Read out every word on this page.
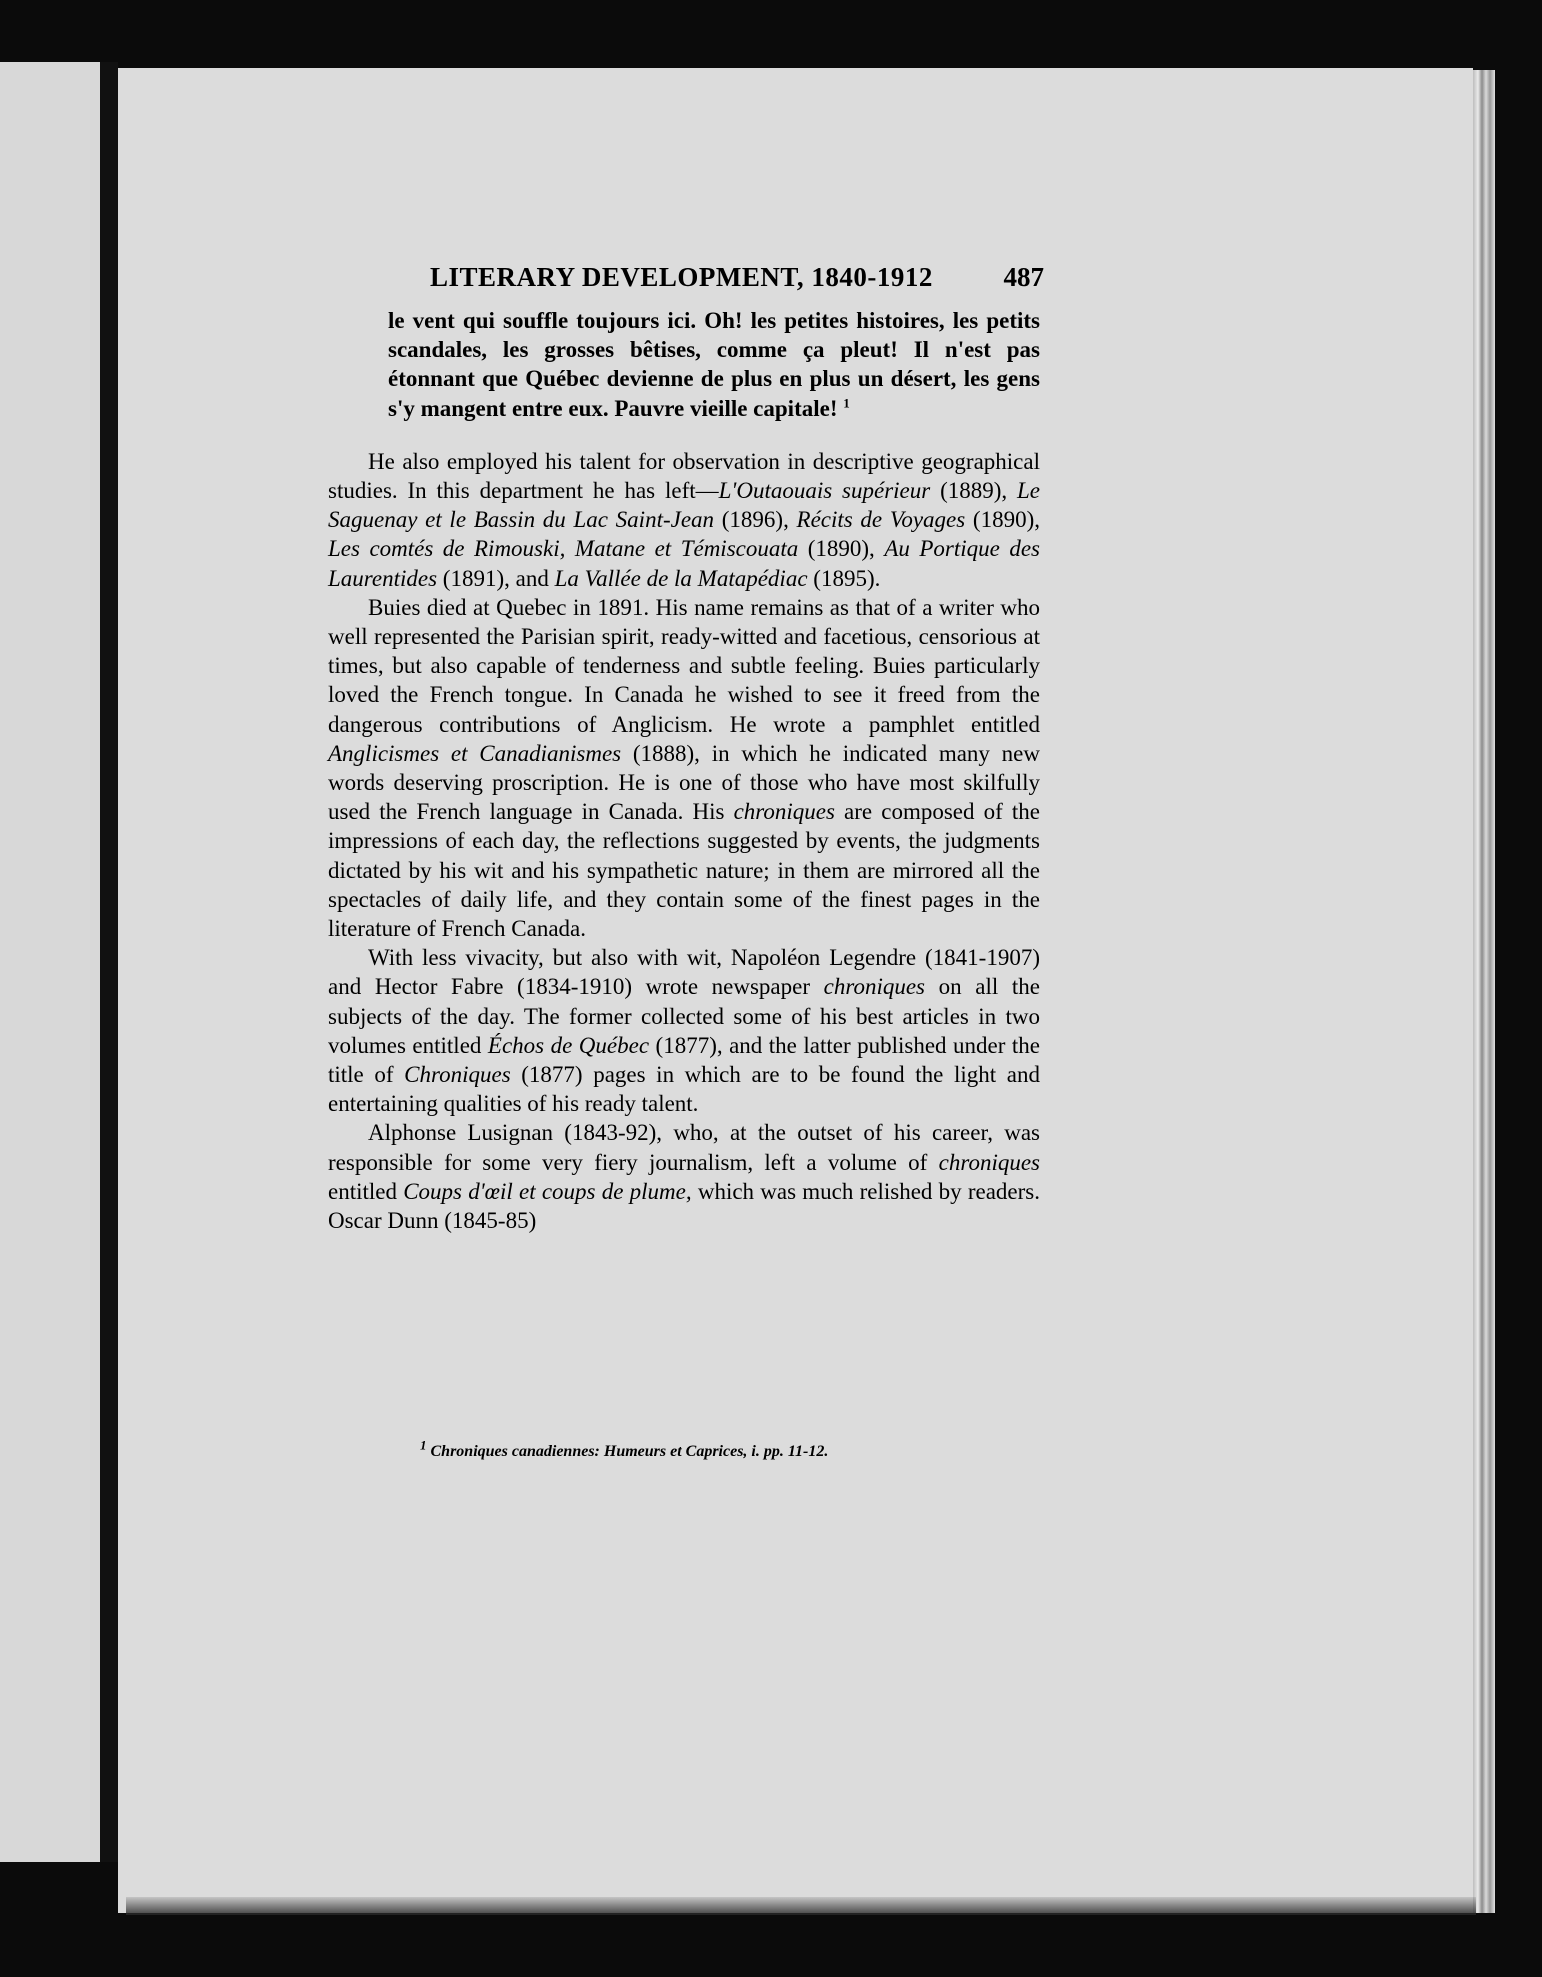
LITERARY DEVELOPMENT, 1840-1912	487

le vent qui souffle toujours ici. Oh! les petites histoires, les petits scandales, les grosses bêtises, comme ça pleut! Il n'est pas étonnant que Québec devienne de plus en plus un désert, les gens s'y mangent entre eux. Pauvre vieille capitale! $^1$

He also employed his talent for observation in descriptive geographical studies. In this department he has left—L'Outaouais supérieur (1889), Le Saguenay et le Bassin du Lac Saint-Jean (1896), Récits de Voyages (1890), Les comtés de Rimouski, Matane et Témiscouata (1890), Au Portique des Laurentides (1891), and La Vallée de la Matapédiac (1895).

Buies died at Quebec in 1891. His name remains as that of a writer who well represented the Parisian spirit, ready-witted and facetious, censorious at times, but also capable of tenderness and subtle feeling. Buies particularly loved the French tongue. In Canada he wished to see it freed from the dangerous contributions of Anglicism. He wrote a pamphlet entitled Anglicismes et Canadianismes (1888), in which he indicated many new words deserving proscription. He is one of those who have most skilfully used the French language in Canada. His chroniques are composed of the impressions of each day, the reflections suggested by events, the judgments dictated by his wit and his sympathetic nature; in them are mirrored all the spectacles of daily life, and they contain some of the finest pages in the literature of French Canada.

With less vivacity, but also with wit, Napoléon Legendre (1841-1907) and Hector Fabre (1834-1910) wrote newspaper chroniques on all the subjects of the day. The former collected some of his best articles in two volumes entitled Échos de Québec (1877), and the latter published under the title of Chroniques (1877) pages in which are to be found the light and entertaining qualities of his ready talent.

Alphonse Lusignan (1843-92), who, at the outset of his career, was responsible for some very fiery journalism, left a volume of chroniques entitled Coups d'œil et coups de plume, which was much relished by readers. Oscar Dunn (1845-85)

$^1$ Chroniques canadiennes: Humeurs et Caprices, i. pp. 11-12.
